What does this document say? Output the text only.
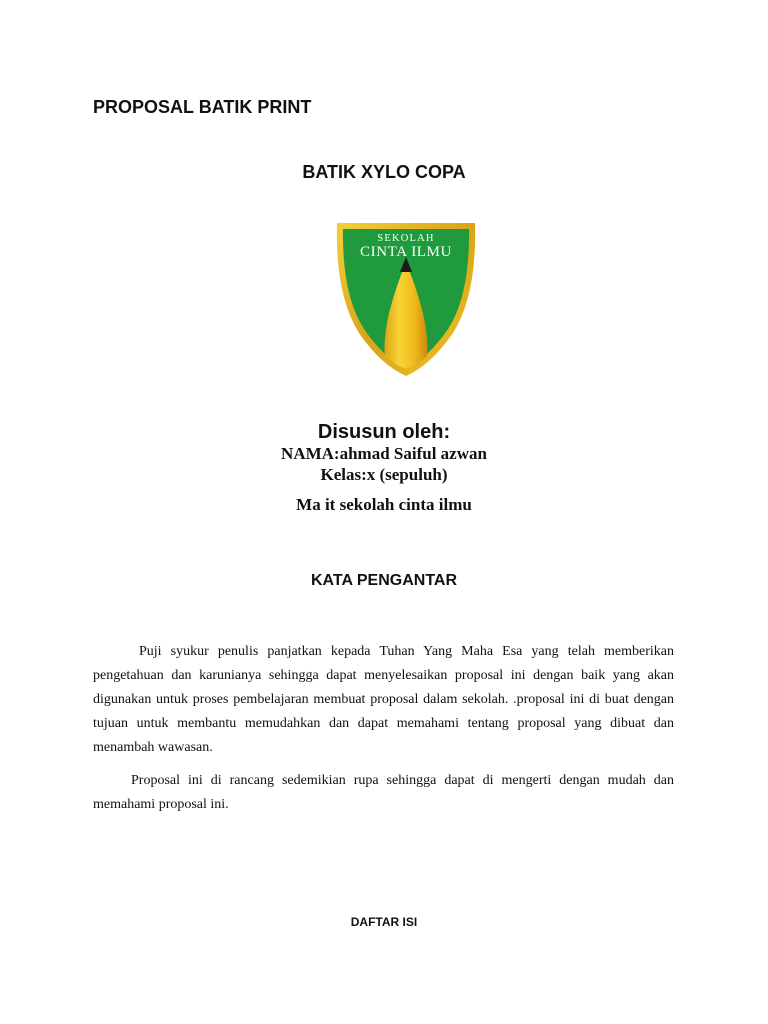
PROPOSAL BATIK PRINT
BATIK XYLO COPA
SEKOLAH
CINTA ILMU
Disusun oleh:
NAMA:ahmad Saiful azwan
Kelas:x (sepuluh)
Ma it sekolah cinta ilmu
KATA PENGANTAR

Puji syukur penulis panjatkan kepada Tuhan Yang Maha Esa yang telah memberikan pengetahuan dan karunianya sehingga dapat menyelesaikan proposal ini dengan baik yang akan digunakan untuk proses pembelajaran membuat proposal dalam sekolah. .proposal ini di buat dengan tujuan untuk membantu memudahkan dan dapat memahami tentang proposal yang dibuat dan menambah wawasan.

Proposal ini di rancang sedemikian rupa sehingga dapat di mengerti dengan mudah dan memahami proposal ini.

DAFTAR ISI
